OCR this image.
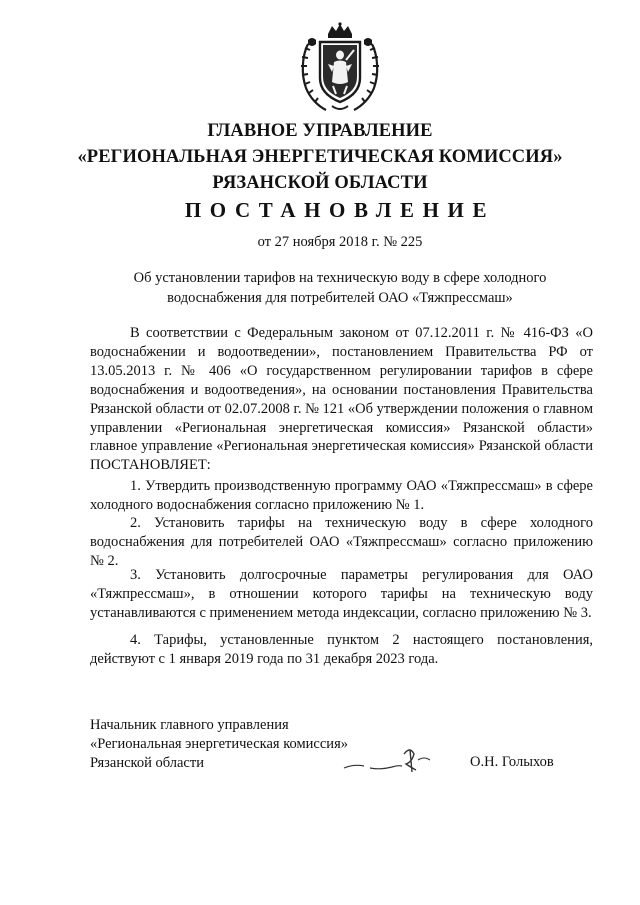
ГЛАВНОЕ УПРАВЛЕНИЕ
«РЕГИОНАЛЬНАЯ ЭНЕРГЕТИЧЕСКАЯ КОМИССИЯ»
РЯЗАНСКОЙ ОБЛАСТИ
ПОСТАНОВЛЕНИЕ
от 27 ноября 2018 г. № 225
Об установлении тарифов на техническую воду в сфере холодного
водоснабжения для потребителей ОАО «Тяжпрессмаш»
В соответствии с Федеральным законом от 07.12.2011 г. № 416-ФЗ «О водоснабжении и водоотведении», постановлением Правительства РФ от 13.05.2013 г. № 406 «О государственном регулировании тарифов в сфере водоснабжения и водоотведения», на основании постановления Правительства Рязанской области от 02.07.2008 г. № 121 «Об утверждении положения о главном управлении «Региональная энергетическая комиссия» Рязанской области» главное управление «Региональная энергетическая комиссия» Рязанской области ПОСТАНОВЛЯЕТ:
1. Утвердить производственную программу ОАО «Тяжпрессмаш» в сфере холодного водоснабжения согласно приложению № 1.
2. Установить тарифы на техническую воду в сфере холодного водоснабжения для потребителей ОАО «Тяжпрессмаш» согласно приложению № 2.
3. Установить долгосрочные параметры регулирования для ОАО «Тяжпрессмаш», в отношении которого тарифы на техническую воду устанавливаются с применением метода индексации, согласно приложению № 3.
4. Тарифы, установленные пунктом 2 настоящего постановления, действуют с 1 января 2019 года по 31 декабря 2023 года.
Начальник главного управления
«Региональная энергетическая комиссия»
Рязанской области	О.Н. Голыхов
